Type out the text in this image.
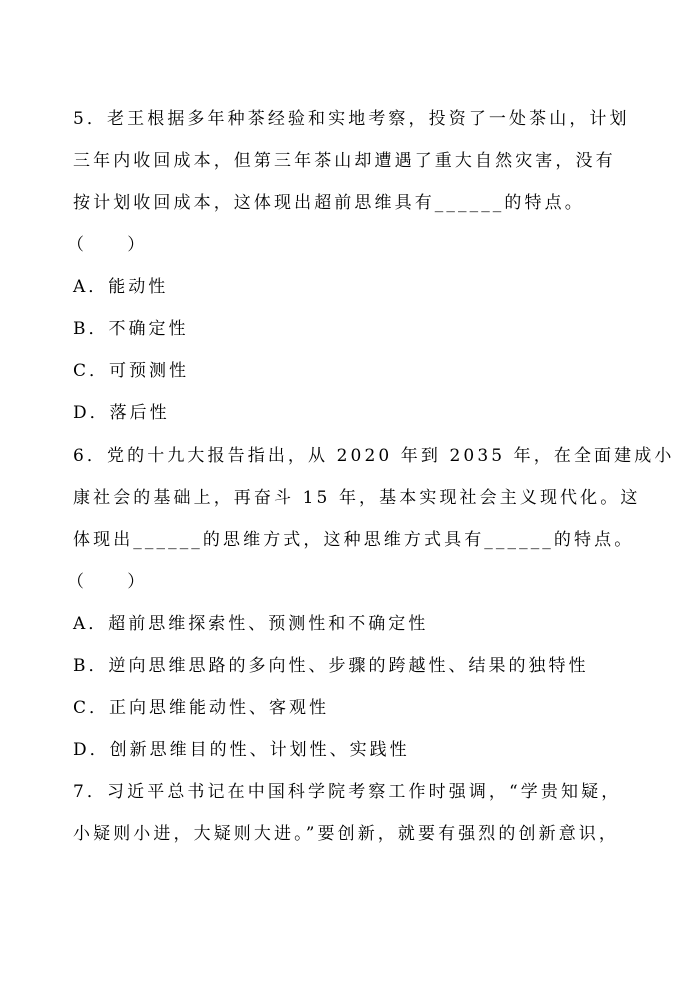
5．老王根据多年种茶经验和实地考察，投资了一处茶山，计划
三年内收回成本，但第三年茶山却遭遇了重大自然灾害，没有
按计划收回成本，这体现出超前思维具有______的特点。
（　　）
A．能动性
B．不确定性
C．可预测性
D．落后性
6．党的十九大报告指出，从 2020 年到 2035 年，在全面建成小
康社会的基础上，再奋斗 15 年，基本实现社会主义现代化。这
体现出______的思维方式，这种思维方式具有______的特点。
（　　）
A．超前思维探索性、预测性和不确定性
B．逆向思维思路的多向性、步骤的跨越性、结果的独特性
C．正向思维能动性、客观性
D．创新思维目的性、计划性、实践性
7．习近平总书记在中国科学院考察工作时强调，“学贵知疑，
小疑则小进，大疑则大进。”要创新，就要有强烈的创新意识，
